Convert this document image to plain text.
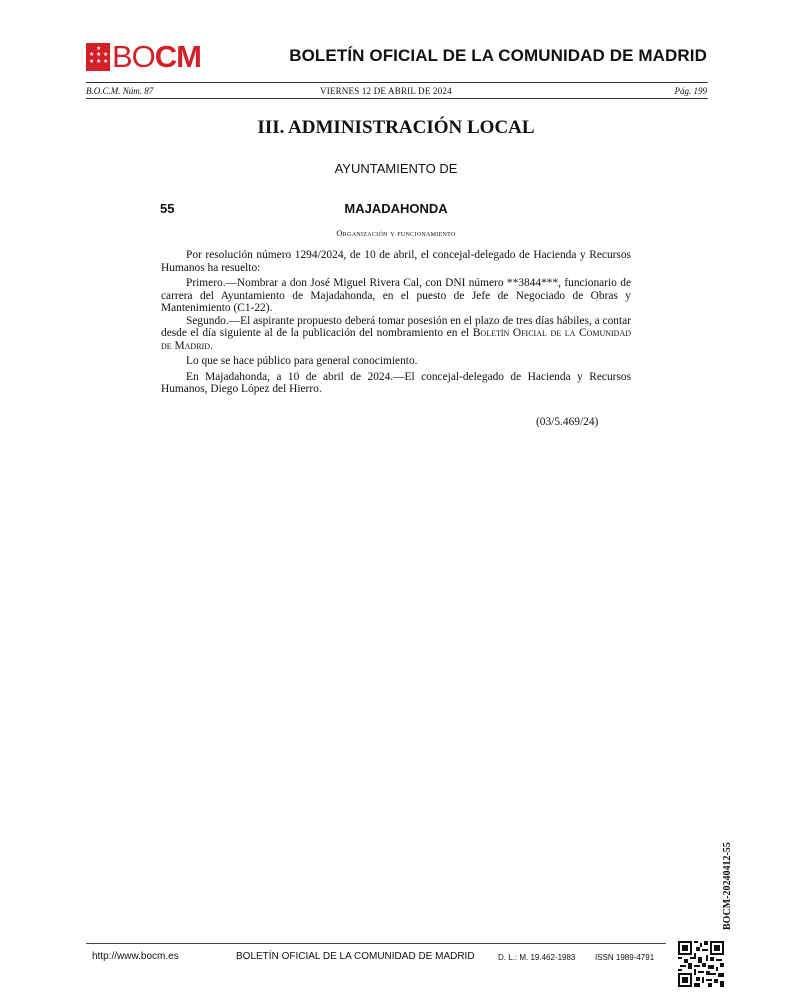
★ ★ ★
★ ★ ★
★ BOCM	BOLETÍN OFICIAL DE LA COMUNIDAD DE MADRID
B.O.C.M. Núm. 87	VIERNES 12 DE ABRIL DE 2024	Pág. 199
III. ADMINISTRACIÓN LOCAL
AYUNTAMIENTO DE
55	MAJADAHONDA
Organización y funcionamiento

Por resolución número 1294/2024, de 10 de abril, el concejal-delegado de Hacienda y Recursos Humanos ha resuelto:

Primero.—Nombrar a don José Miguel Rivera Cal, con DNI número **3844***, funcionario de carrera del Ayuntamiento de Majadahonda, en el puesto de Jefe de Negociado de Obras y Mantenimiento (C1-22).

Segundo.—El aspirante propuesto deberá tomar posesión en el plazo de tres días hábiles, a contar desde el día siguiente al de la publicación del nombramiento en el Boletín Oficial de la Comunidad de Madrid.

Lo que se hace público para general conocimiento.

En Majadahonda, a 10 de abril de 2024.—El concejal-delegado de Hacienda y Recursos Humanos, Diego López del Hierro.

(03/5.469/24)
BOCM-20240412-55
http://www.bocm.es	BOLETÍN OFICIAL DE LA COMUNIDAD DE MADRID	D. L.: M. 19.462-1983 ISSN 1989-4791
